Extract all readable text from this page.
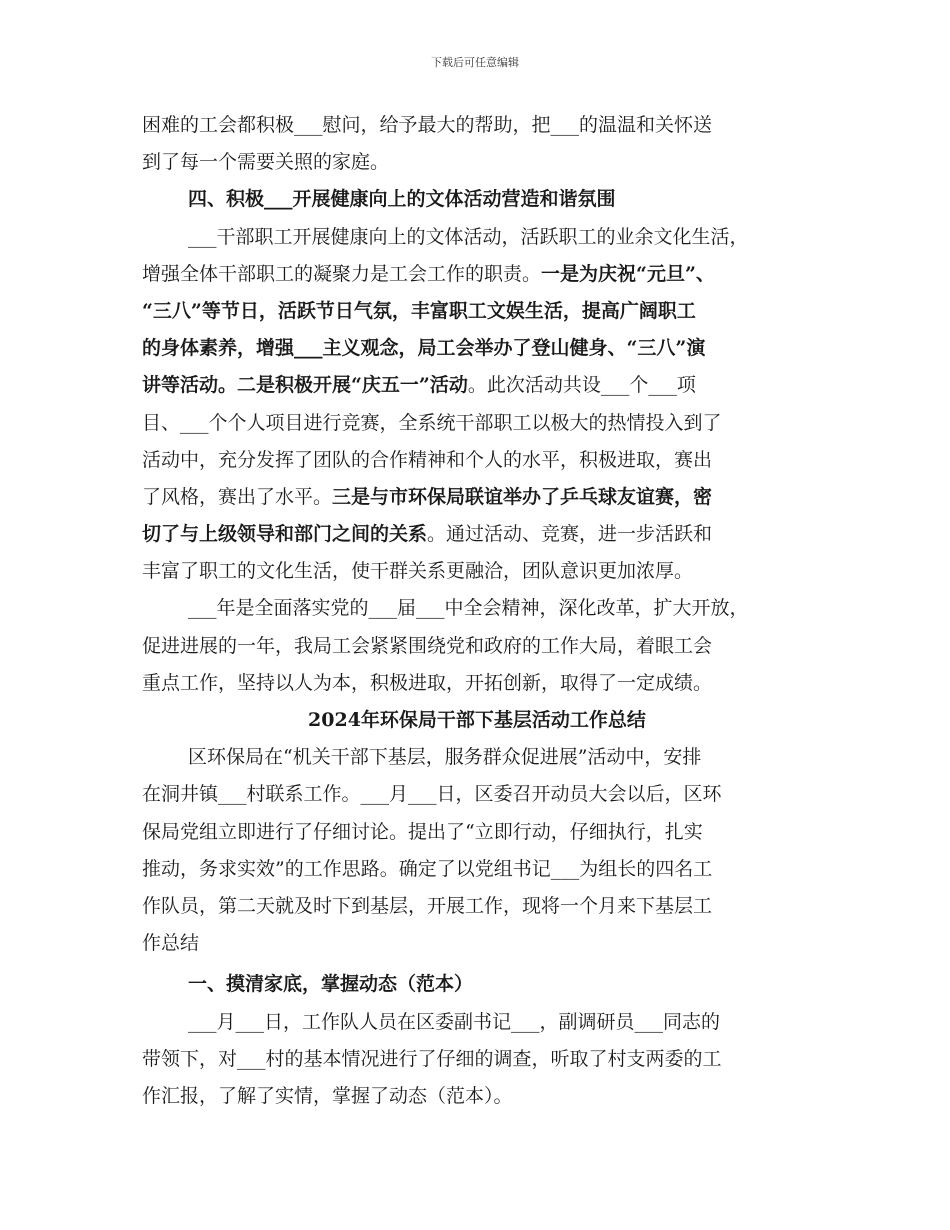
下载后可任意编辑
困难的工会都积极___慰问，给予最大的帮助，把___的温温和关怀送
到了每一个需要关照的家庭。
四、积极___开展健康向上的文体活动营造和谐氛围
___干部职工开展健康向上的文体活动，活跃职工的业余文化生活，
增强全体干部职工的凝聚力是工会工作的职责。一是为庆祝“元旦”、
“三八”等节日，活跃节日气氛，丰富职工文娱生活，提高广阔职工
的身体素养，增强___主义观念，局工会举办了登山健身、“三八”演
讲等活动。二是积极开展“庆五一”活动。此次活动共设___个___项
目、___个个人项目进行竞赛，全系统干部职工以极大的热情投入到了
活动中，充分发挥了团队的合作精神和个人的水平，积极进取，赛出
了风格，赛出了水平。三是与市环保局联谊举办了乒乓球友谊赛，密
切了与上级领导和部门之间的关系。通过活动、竞赛，进一步活跃和
丰富了职工的文化生活，使干群关系更融洽，团队意识更加浓厚。
___年是全面落实党的___届___中全会精神，深化改革，扩大开放，
促进进展的一年，我局工会紧紧围绕党和政府的工作大局，着眼工会
重点工作，坚持以人为本，积极进取，开拓创新，取得了一定成绩。
2024年环保局干部下基层活动工作总结
区环保局在“机关干部下基层，服务群众促进展”活动中，安排
在洞井镇___村联系工作。___月___日，区委召开动员大会以后，区环
保局党组立即进行了仔细讨论。提出了“立即行动，仔细执行，扎实
推动，务求实效”的工作思路。确定了以党组书记___为组长的四名工
作队员，第二天就及时下到基层，开展工作，现将一个月来下基层工
作总结
一、摸清家底，掌握动态（范本）
___月___日，工作队人员在区委副书记___，副调研员___同志的
带领下，对___村的基本情况进行了仔细的调查，听取了村支两委的工
作汇报，了解了实情，掌握了动态（范本）。
